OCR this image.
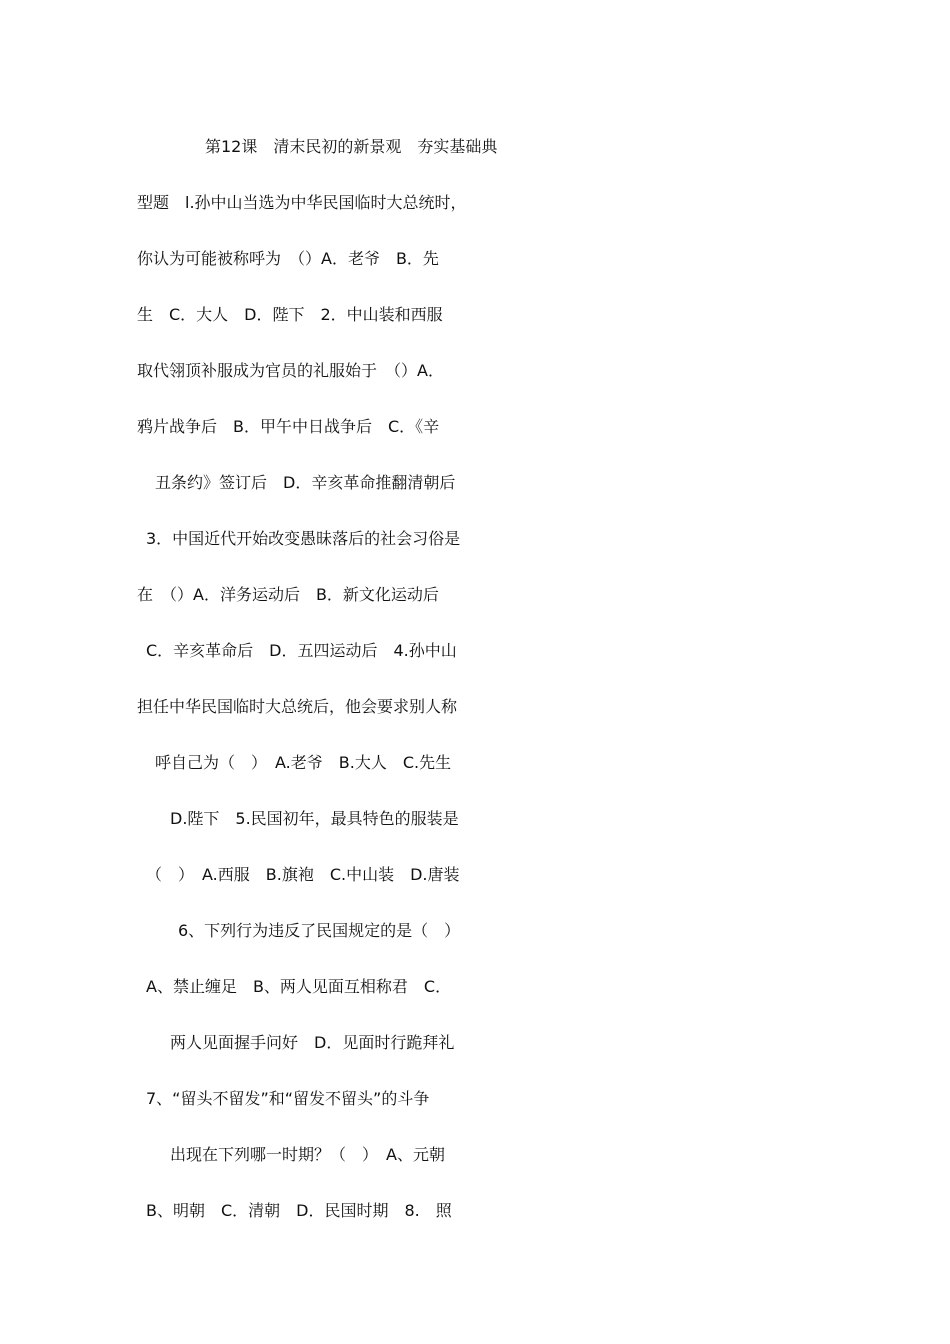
第12课　清末民初的新景观　夯实基础典
型题　l.孙中山当选为中华民国临时大总统时，
你认为可能被称呼为　（）A．老爷　B．先
生　C．大人　D．陛下　2．中山装和西服
取代翎顶补服成为官员的礼服始于　（）A．
鸦片战争后　B．甲午中日战争后　C．《辛
丑条约》签订后　D．辛亥革命推翻清朝后
3．中国近代开始改变愚昧落后的社会习俗是
在　（）A．洋务运动后　B．新文化运动后
C．辛亥革命后　D．五四运动后　4.孙中山
担任中华民国临时大总统后，他会要求别人称
呼自己为（　）　A.老爷　B.大人　C.先生
D.陛下　5.民国初年，最具特色的服装是
（　）　A.西服　B.旗袍　C.中山装　D.唐装
6、下列行为违反了民国规定的是（　）
A、禁止缠足　B、两人见面互相称君　C．
两人见面握手问好　D．见面时行跪拜礼
7、“留头不留发”和“留发不留头”的斗争
出现在下列哪一时期？（　）　A、元朝
B、明朝　C．清朝　D．民国时期　8.　照
